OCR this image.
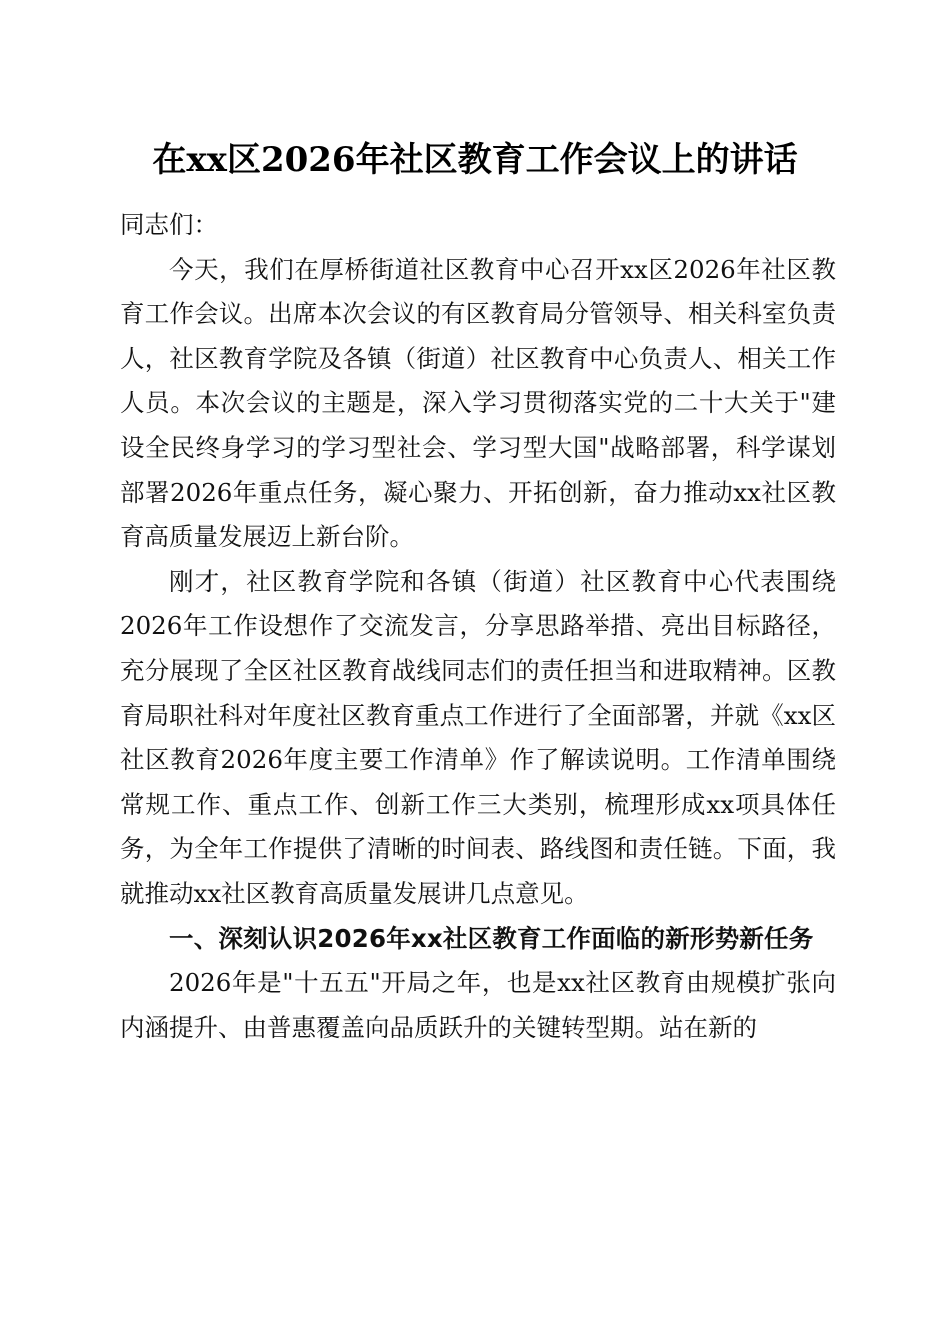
在xx区2026年社区教育工作会议上的讲话

同志们：

今天，我们在厚桥街道社区教育中心召开xx区2026年社区教育工作会议。出席本次会议的有区教育局分管领导、相关科室负责人，社区教育学院及各镇（街道）社区教育中心负责人、相关工作人员。本次会议的主题是，深入学习贯彻落实党的二十大关于"建设全民终身学习的学习型社会、学习型大国"战略部署，科学谋划部署2026年重点任务，凝心聚力、开拓创新，奋力推动xx社区教育高质量发展迈上新台阶。

刚才，社区教育学院和各镇（街道）社区教育中心代表围绕2026年工作设想作了交流发言，分享思路举措、亮出目标路径，充分展现了全区社区教育战线同志们的责任担当和进取精神。区教育局职社科对年度社区教育重点工作进行了全面部署，并就《xx区社区教育2026年度主要工作清单》作了解读说明。工作清单围绕常规工作、重点工作、创新工作三大类别，梳理形成xx项具体任务，为全年工作提供了清晰的时间表、路线图和责任链。下面，我就推动xx社区教育高质量发展讲几点意见。

一、深刻认识2026年xx社区教育工作面临的新形势新任务

2026年是"十五五"开局之年，也是xx社区教育由规模扩张向内涵提升、由普惠覆盖向品质跃升的关键转型期。站在新的
